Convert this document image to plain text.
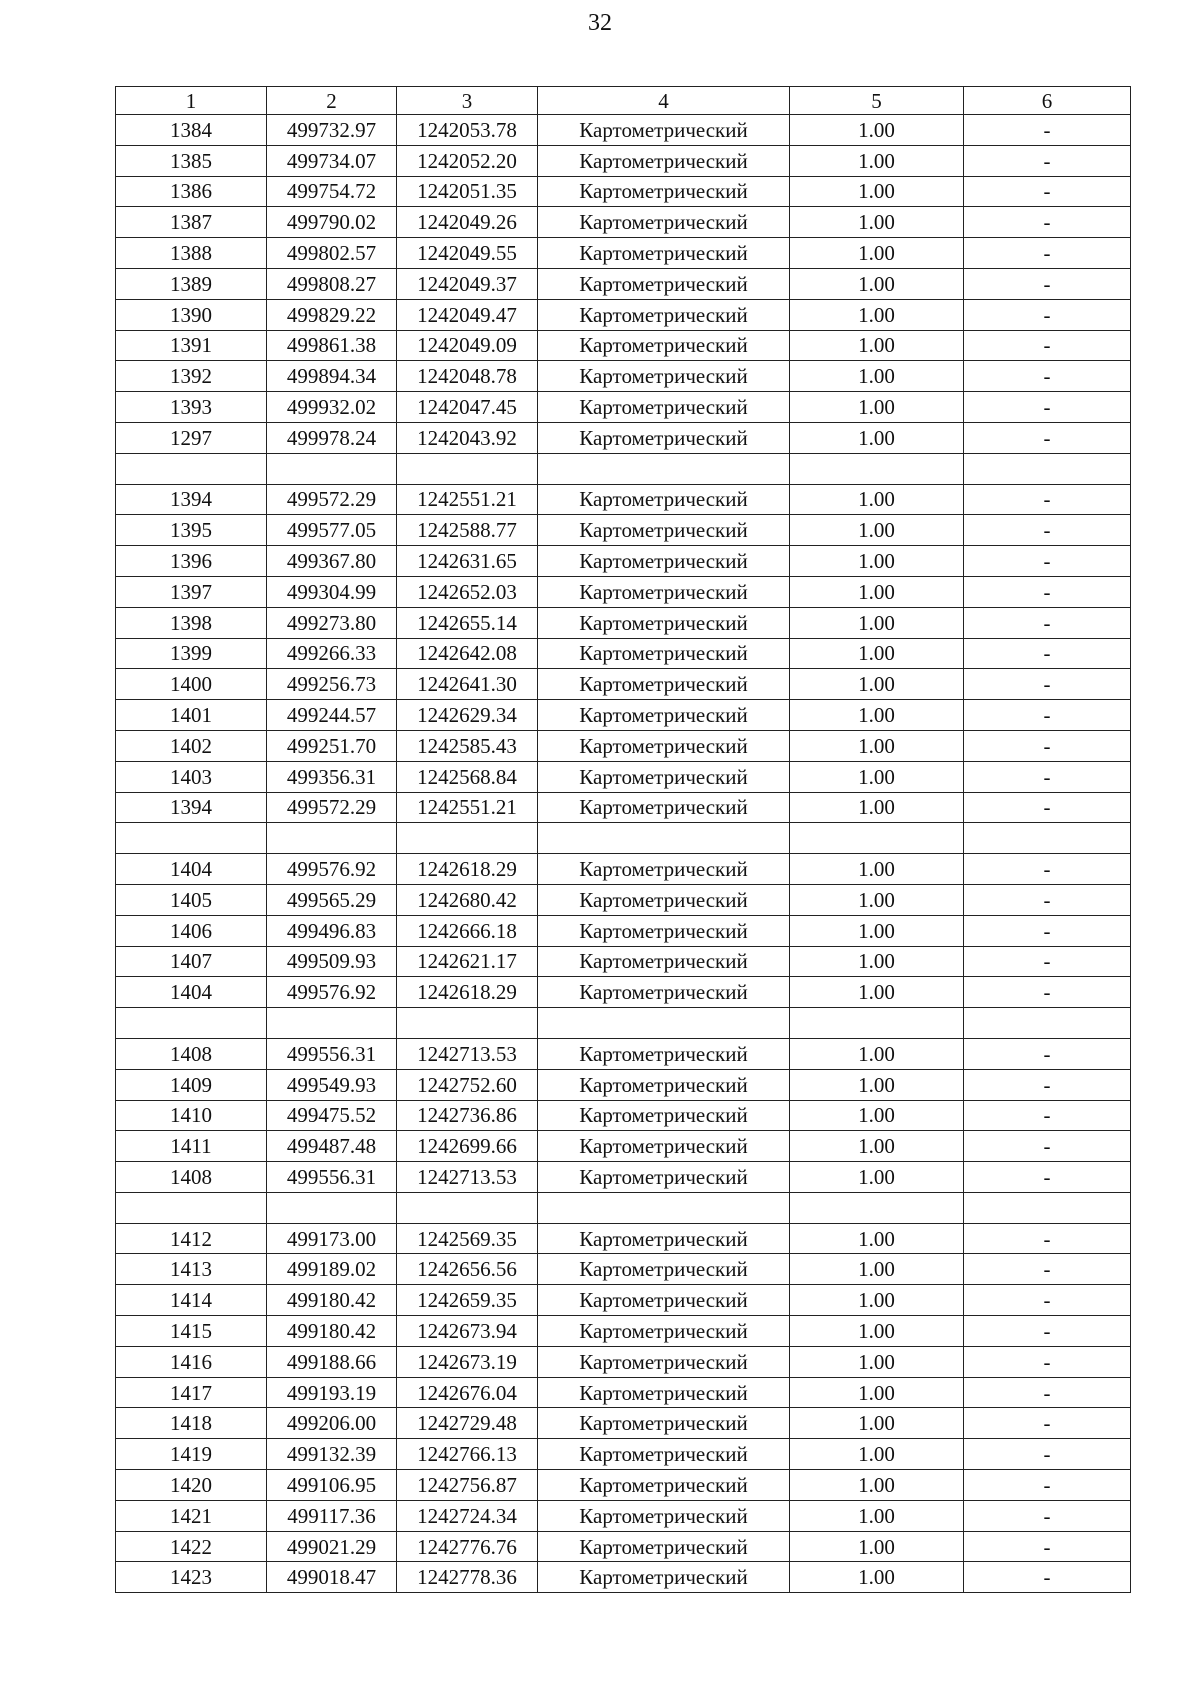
32
1	2	3	4	5	6
1384	499732.97	1242053.78	Картометрический	1.00	-
1385	499734.07	1242052.20	Картометрический	1.00	-
1386	499754.72	1242051.35	Картометрический	1.00	-
1387	499790.02	1242049.26	Картометрический	1.00	-
1388	499802.57	1242049.55	Картометрический	1.00	-
1389	499808.27	1242049.37	Картометрический	1.00	-
1390	499829.22	1242049.47	Картометрический	1.00	-
1391	499861.38	1242049.09	Картометрический	1.00	-
1392	499894.34	1242048.78	Картометрический	1.00	-
1393	499932.02	1242047.45	Картометрический	1.00	-
1297	499978.24	1242043.92	Картометрический	1.00	-

1394	499572.29	1242551.21	Картометрический	1.00	-
1395	499577.05	1242588.77	Картометрический	1.00	-
1396	499367.80	1242631.65	Картометрический	1.00	-
1397	499304.99	1242652.03	Картометрический	1.00	-
1398	499273.80	1242655.14	Картометрический	1.00	-
1399	499266.33	1242642.08	Картометрический	1.00	-
1400	499256.73	1242641.30	Картометрический	1.00	-
1401	499244.57	1242629.34	Картометрический	1.00	-
1402	499251.70	1242585.43	Картометрический	1.00	-
1403	499356.31	1242568.84	Картометрический	1.00	-
1394	499572.29	1242551.21	Картометрический	1.00	-

1404	499576.92	1242618.29	Картометрический	1.00	-
1405	499565.29	1242680.42	Картометрический	1.00	-
1406	499496.83	1242666.18	Картометрический	1.00	-
1407	499509.93	1242621.17	Картометрический	1.00	-
1404	499576.92	1242618.29	Картометрический	1.00	-

1408	499556.31	1242713.53	Картометрический	1.00	-
1409	499549.93	1242752.60	Картометрический	1.00	-
1410	499475.52	1242736.86	Картометрический	1.00	-
1411	499487.48	1242699.66	Картометрический	1.00	-
1408	499556.31	1242713.53	Картометрический	1.00	-

1412	499173.00	1242569.35	Картометрический	1.00	-
1413	499189.02	1242656.56	Картометрический	1.00	-
1414	499180.42	1242659.35	Картометрический	1.00	-
1415	499180.42	1242673.94	Картометрический	1.00	-
1416	499188.66	1242673.19	Картометрический	1.00	-
1417	499193.19	1242676.04	Картометрический	1.00	-
1418	499206.00	1242729.48	Картометрический	1.00	-
1419	499132.39	1242766.13	Картометрический	1.00	-
1420	499106.95	1242756.87	Картометрический	1.00	-
1421	499117.36	1242724.34	Картометрический	1.00	-
1422	499021.29	1242776.76	Картометрический	1.00	-
1423	499018.47	1242778.36	Картометрический	1.00	-
